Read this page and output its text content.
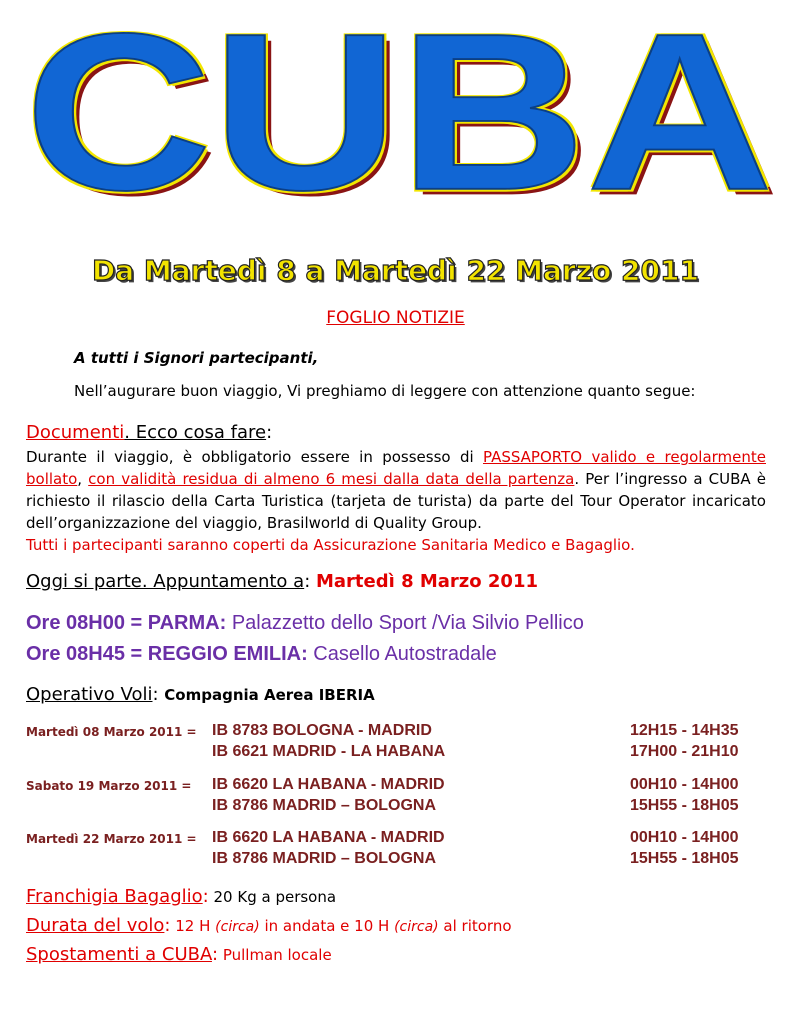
CUBA
Da Martedì 8 a Martedì 22 Marzo 2011
FOGLIO NOTIZIE
A tutti i Signori partecipanti,
Nell’augurare buon viaggio, Vi preghiamo di leggere con attenzione quanto segue:
Documenti. Ecco cosa fare:
Durante il viaggio, è obbligatorio essere in possesso di PASSAPORTO valido e regolarmente bollato, con validità residua di almeno 6 mesi dalla data della partenza. Per l’ingresso a CUBA è richiesto il rilascio della Carta Turistica (tarjeta de turista) da parte del Tour Operator incaricato dell’organizzazione del viaggio, Brasilworld di Quality Group.
Tutti i partecipanti saranno coperti da Assicurazione Sanitaria Medico e Bagaglio.
Oggi si parte. Appuntamento a: Martedì 8 Marzo 2011
Ore 08H00 = PARMA: Palazzetto dello Sport /Via Silvio Pellico
Ore 08H45 = REGGIO EMILIA: Casello Autostradale
Operativo Voli: Compagnia Aerea IBERIA
Martedì 08 Marzo 2011 = IB 8783 BOLOGNA - MADRID	12H15 - 14H35
IB 6621 MADRID - LA HABANA	17H00 - 21H10
Sabato 19 Marzo 2011 = IB 6620 LA HABANA - MADRID	00H10 - 14H00
IB 8786 MADRID – BOLOGNA	15H55 - 18H05
Martedì 22 Marzo 2011 = IB 6620 LA HABANA - MADRID	00H10 - 14H00
IB 8786 MADRID – BOLOGNA	15H55 - 18H05
Franchigia Bagaglio: 20 Kg a persona
Durata del volo: 12 H (circa) in andata e 10 H (circa) al ritorno
Spostamenti a CUBA: Pullman locale
